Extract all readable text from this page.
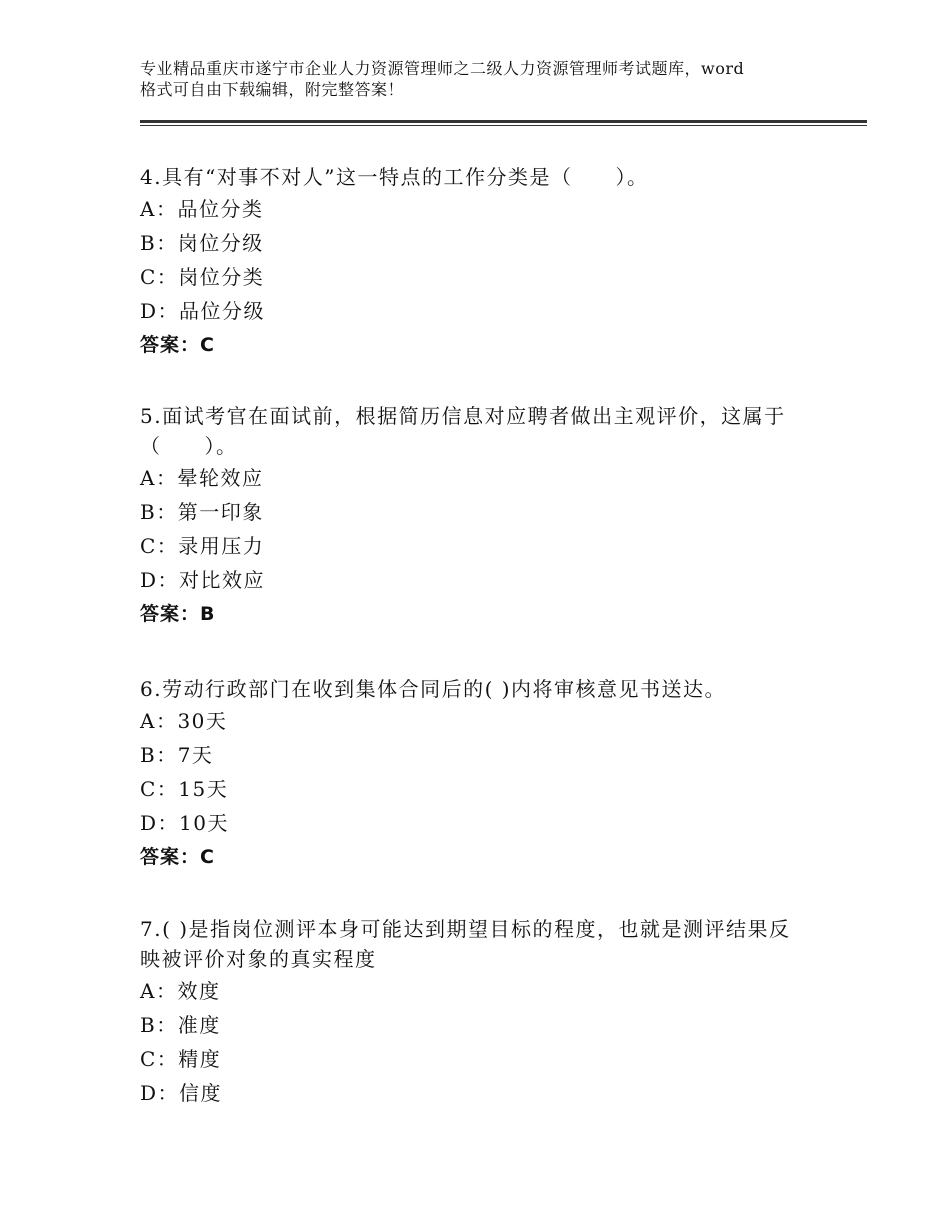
专业精品重庆市遂宁市企业人力资源管理师之二级人力资源管理师考试题库，word
格式可自由下载编辑，附完整答案！
4.具有“对事不对人”这一特点的工作分类是（　　）。
A：品位分类
B：岗位分级
C：岗位分类
D：品位分级
答案：C
5.面试考官在面试前，根据简历信息对应聘者做出主观评价，这属于
（　　）。
A：晕轮效应
B：第一印象
C：录用压力
D：对比效应
答案：B
6.劳动行政部门在收到集体合同后的( )内将审核意见书送达。
A：30天
B：7天
C：15天
D：10天
答案：C
7.( )是指岗位测评本身可能达到期望目标的程度，也就是测评结果反
映被评价对象的真实程度
A：效度
B：准度
C：精度
D：信度
